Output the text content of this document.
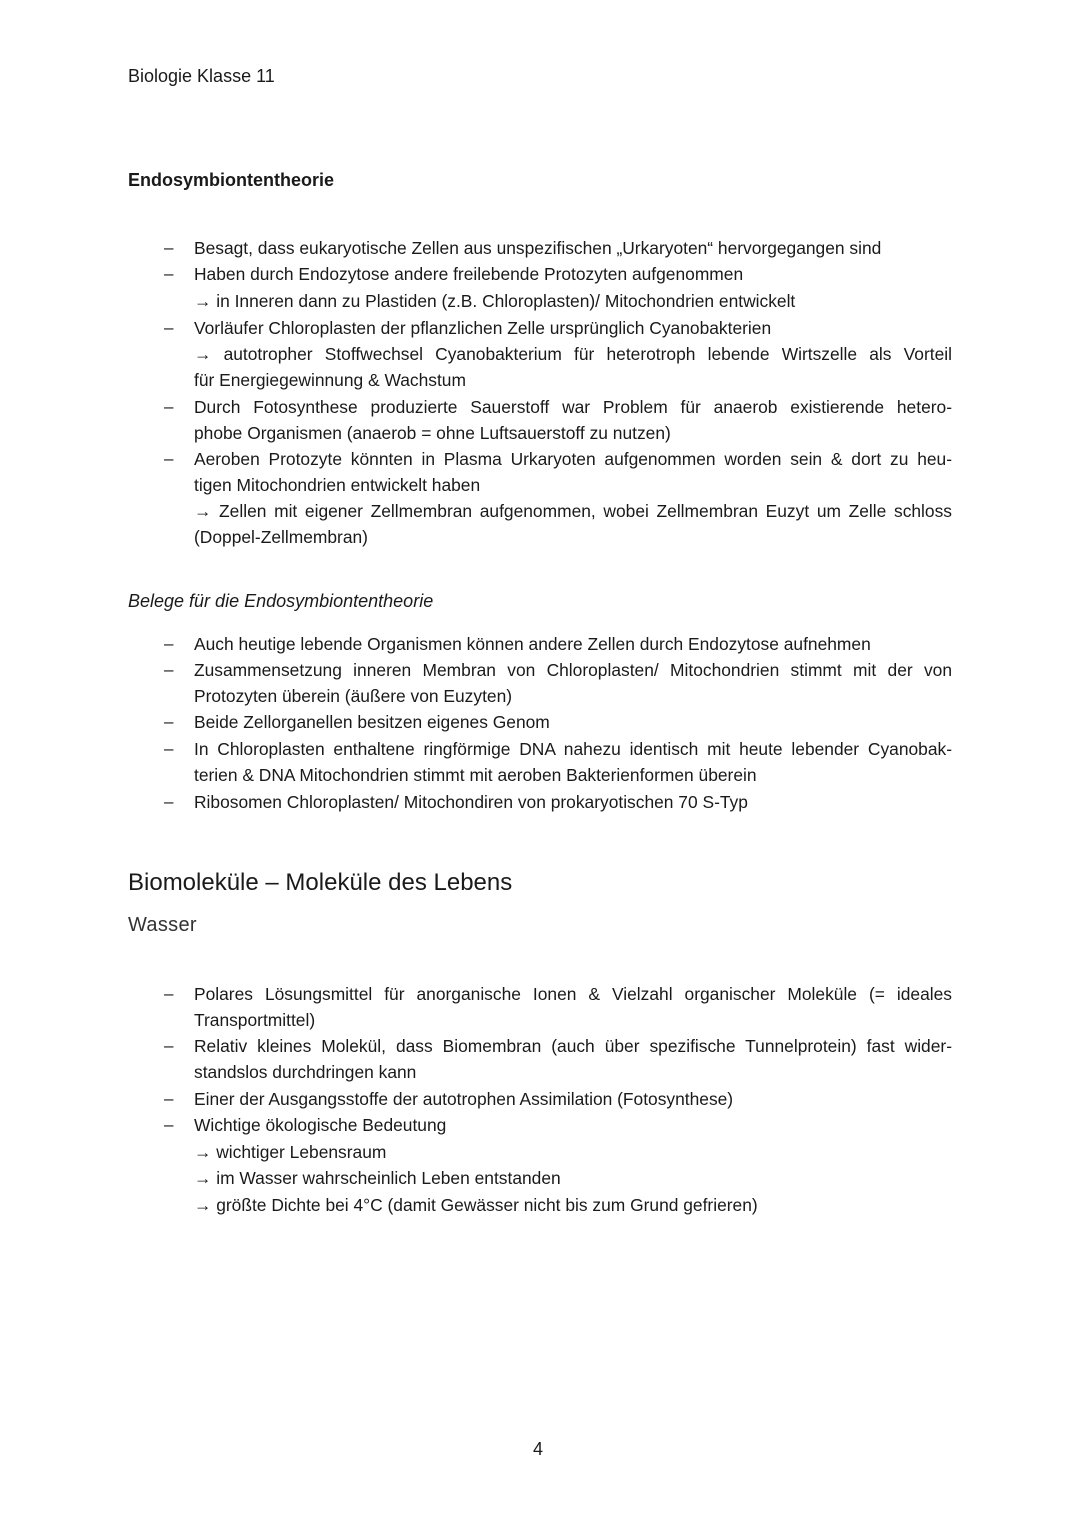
Biologie Klasse 11
Endosymbiontentheorie
– Besagt, dass eukaryotische Zellen aus unspezifischen „Urkaryoten“ hervorgegangen sind
– Haben durch Endozytose andere freilebende Protozyten aufgenommen
→ in Inneren dann zu Plastiden (z.B. Chloroplasten)/ Mitochondrien entwickelt
– Vorläufer Chloroplasten der pflanzlichen Zelle ursprünglich Cyanobakterien
→ autotropher Stoffwechsel Cyanobakterium für heterotroph lebende Wirtszelle als Vorteil
für Energiegewinnung & Wachstum
– Durch Fotosynthese produzierte Sauerstoff war Problem für anaerob existierende hetero-
phobe Organismen (anaerob = ohne Luftsauerstoff zu nutzen)
– Aeroben Protozyte könnten in Plasma Urkaryoten aufgenommen worden sein & dort zu heu-
tigen Mitochondrien entwickelt haben
→ Zellen mit eigener Zellmembran aufgenommen, wobei Zellmembran Euzyt um Zelle schloss
(Doppel-Zellmembran)
Belege für die Endosymbiontentheorie
– Auch heutige lebende Organismen können andere Zellen durch Endozytose aufnehmen
– Zusammensetzung inneren Membran von Chloroplasten/ Mitochondrien stimmt mit der von
Protozyten überein (äußere von Euzyten)
– Beide Zellorganellen besitzen eigenes Genom
– In Chloroplasten enthaltene ringförmige DNA nahezu identisch mit heute lebender Cyanobak-
terien & DNA Mitochondrien stimmt mit aeroben Bakterienformen überein
– Ribosomen Chloroplasten/ Mitochondiren von prokaryotischen 70 S-Typ
Biomoleküle – Moleküle des Lebens
Wasser
– Polares Lösungsmittel für anorganische Ionen & Vielzahl organischer Moleküle (= ideales
Transportmittel)
– Relativ kleines Molekül, dass Biomembran (auch über spezifische Tunnelprotein) fast wider-
standslos durchdringen kann
– Einer der Ausgangsstoffe der autotrophen Assimilation (Fotosynthese)
– Wichtige ökologische Bedeutung
→ wichtiger Lebensraum
→ im Wasser wahrscheinlich Leben entstanden
→ größte Dichte bei 4°C (damit Gewässer nicht bis zum Grund gefrieren)
4
